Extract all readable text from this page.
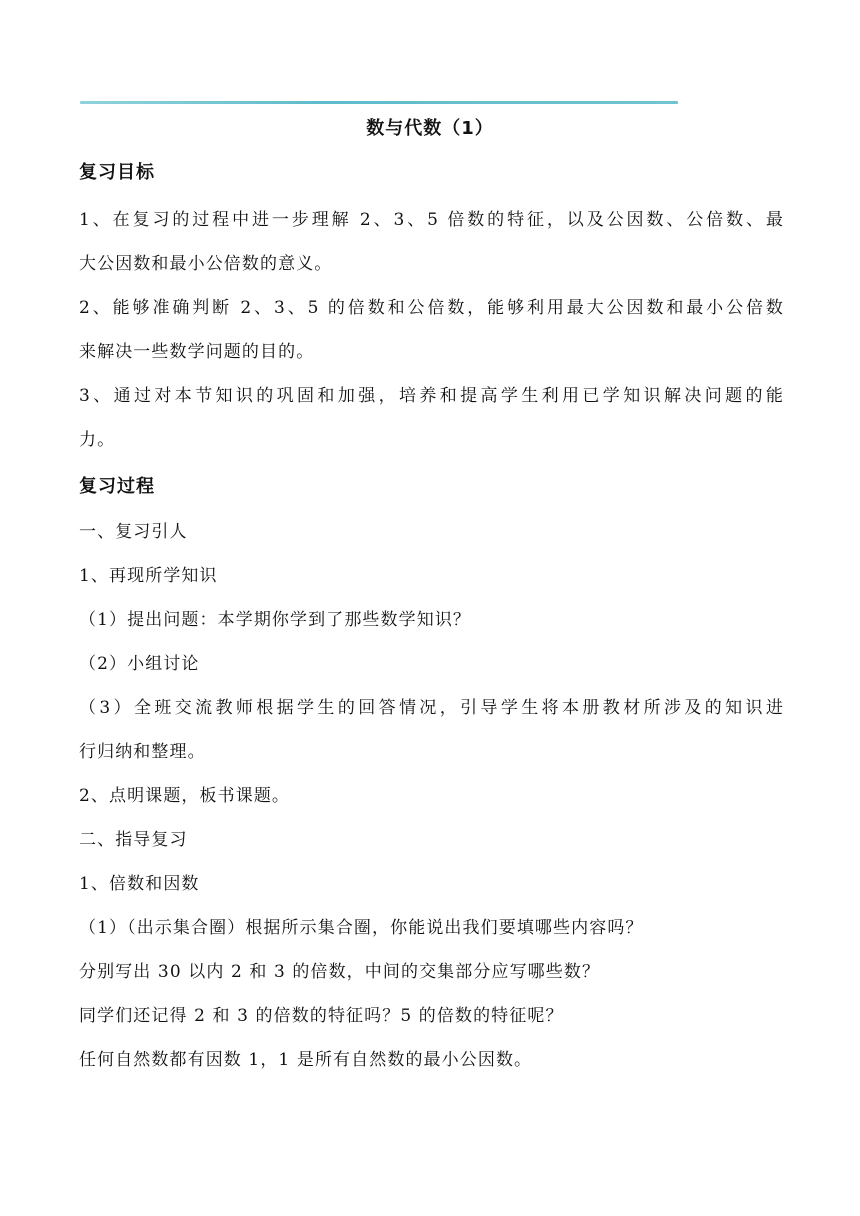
数与代数（1）
复习目标
1、在复习的过程中进一步理解 2、3、5 倍数的特征，以及公因数、公倍数、最
大公因数和最小公倍数的意义。
2、能够准确判断 2、3、5 的倍数和公倍数，能够利用最大公因数和最小公倍数
来解决一些数学问题的目的。
3、通过对本节知识的巩固和加强，培养和提高学生利用已学知识解决问题的能
力。
复习过程
一、复习引人
1、再现所学知识
（1）提出问题：本学期你学到了那些数学知识？
（2）小组讨论
（3）全班交流教师根据学生的回答情况，引导学生将本册教材所涉及的知识进
行归纳和整理。
2、点明课题，板书课题。
二、指导复习
1、倍数和因数
（1）（出示集合圈）根据所示集合圈，你能说出我们要填哪些内容吗？
分别写出 30 以内 2 和 3 的倍数，中间的交集部分应写哪些数？
同学们还记得 2 和 3 的倍数的特征吗？5 的倍数的特征呢？
任何自然数都有因数 1，1 是所有自然数的最小公因数。
